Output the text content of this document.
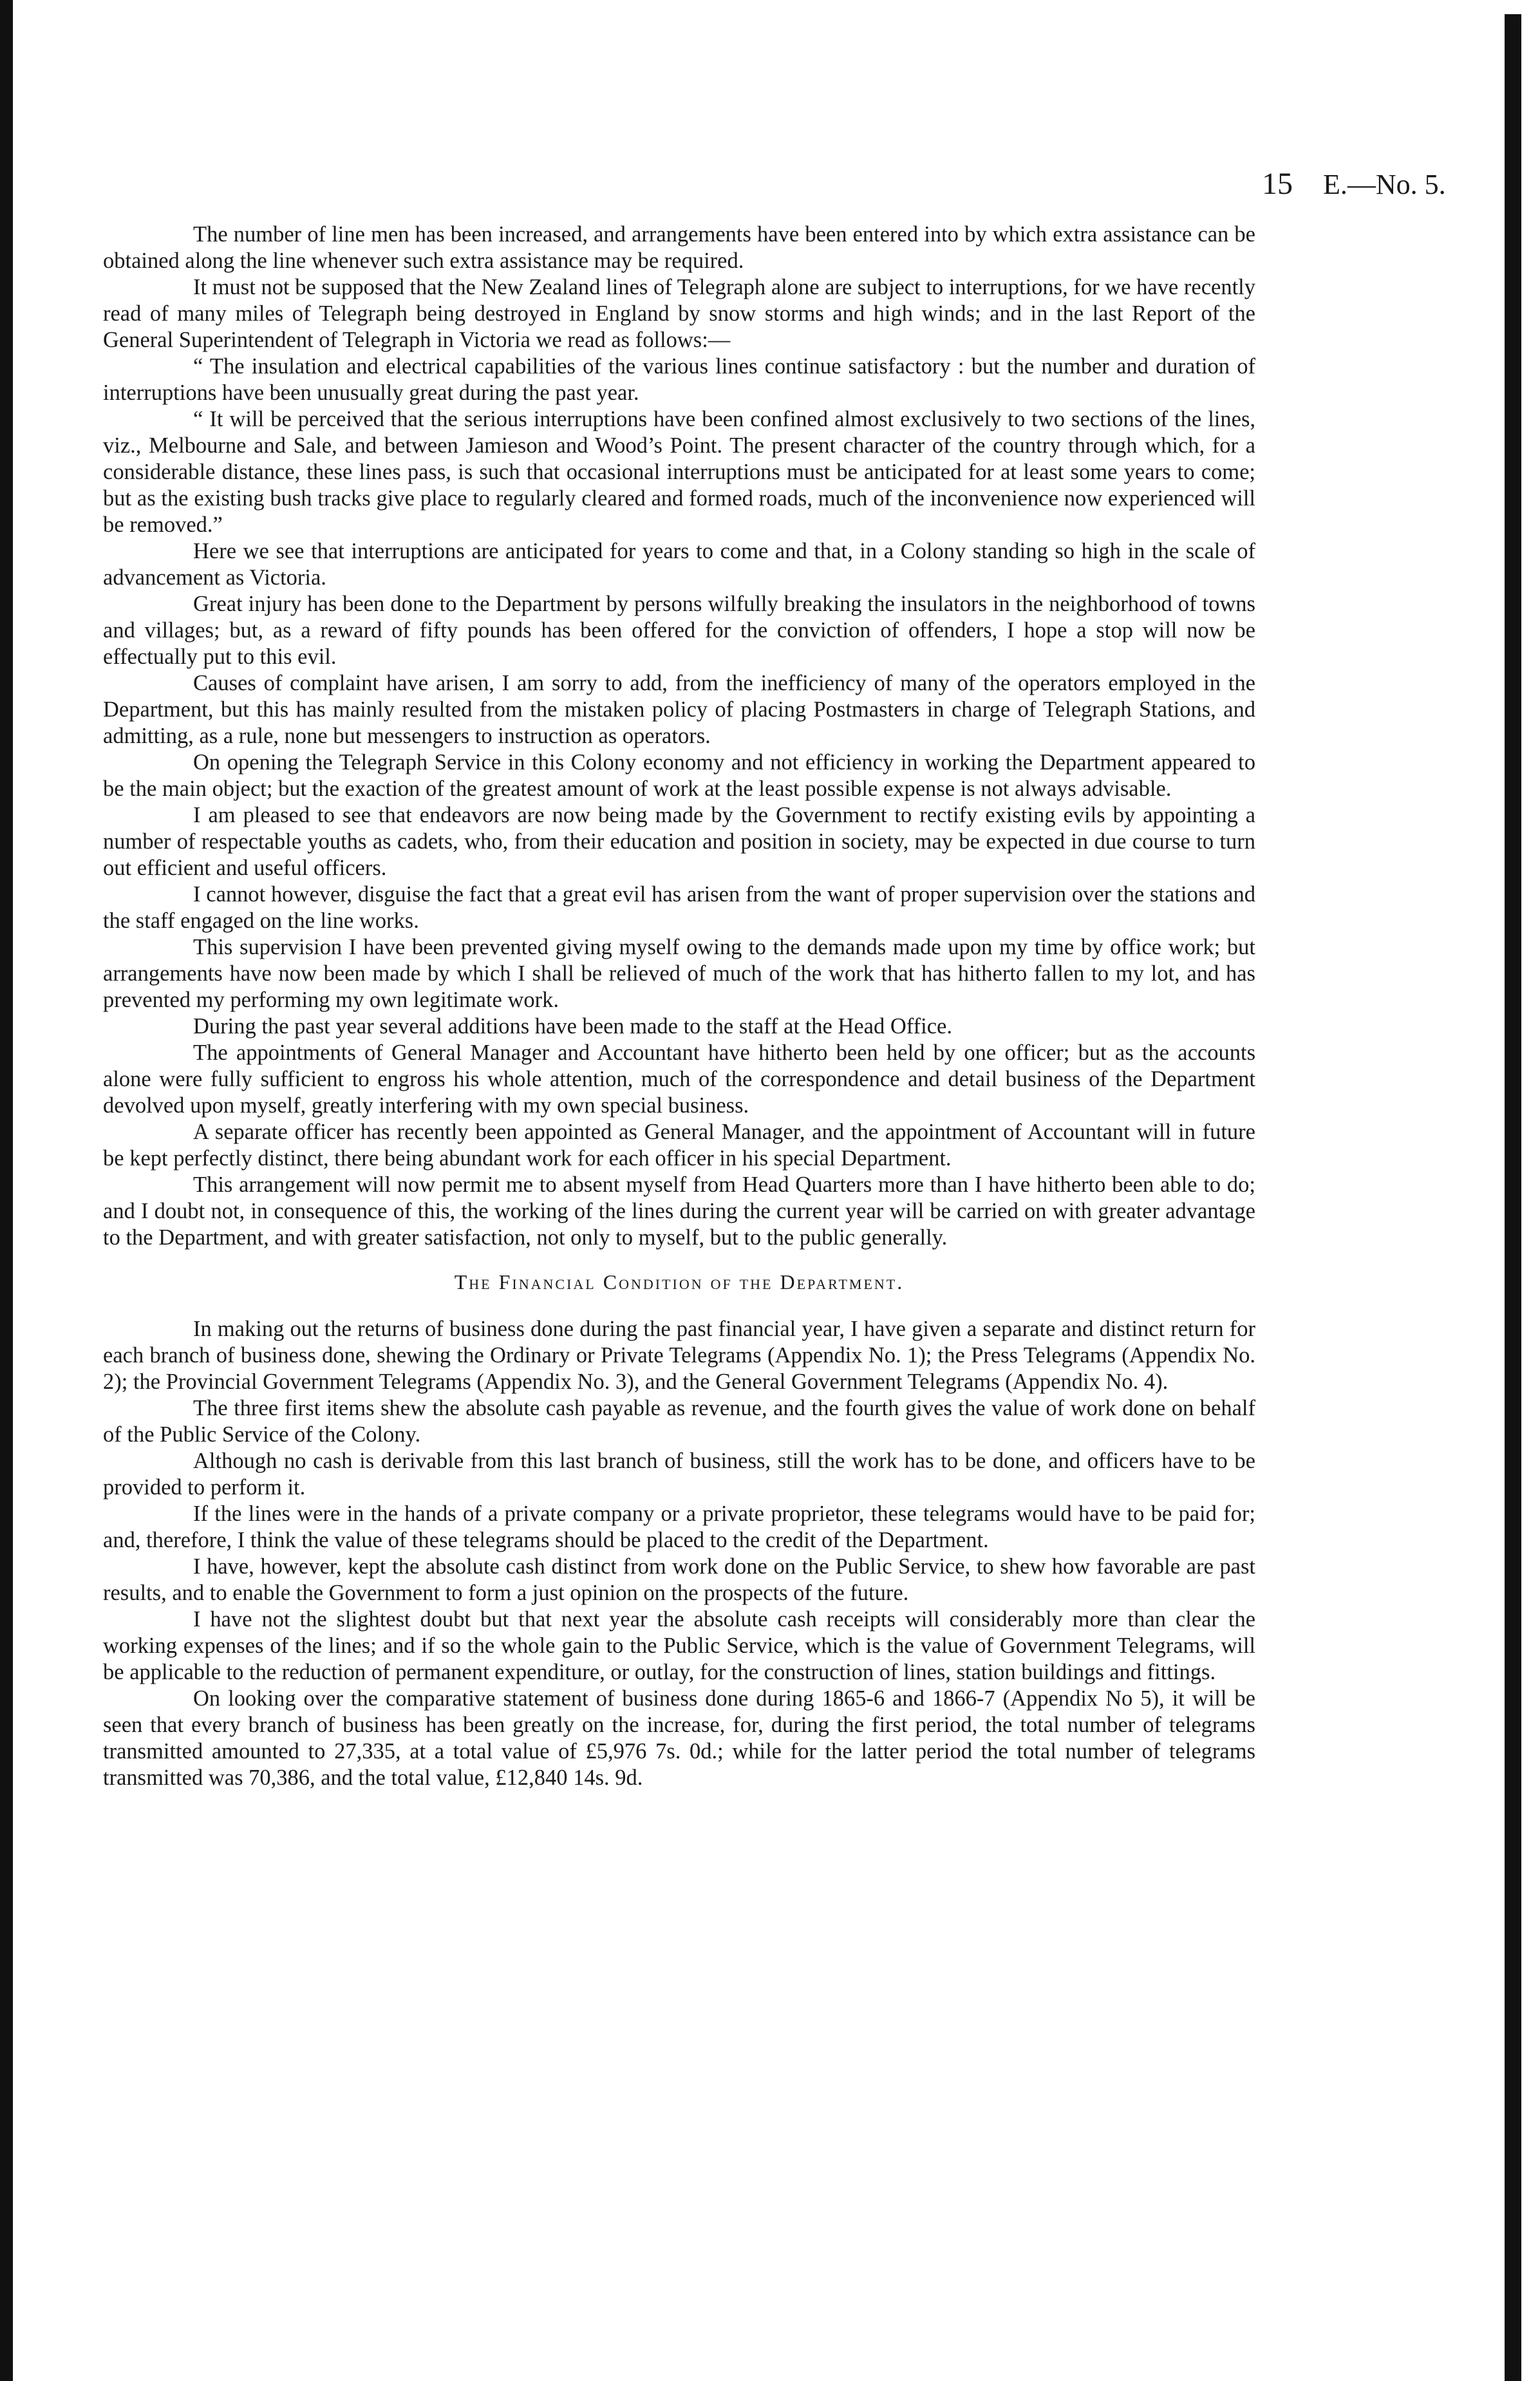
15 E.—No. 5.

The number of line men has been increased, and arrangements have been entered into by which extra assistance can be obtained along the line whenever such extra assistance may be required.

It must not be supposed that the New Zealand lines of Telegraph alone are subject to interruptions, for we have recently read of many miles of Telegraph being destroyed in England by snow storms and high winds; and in the last Report of the General Superintendent of Telegraph in Victoria we read as follows:—

“ The insulation and electrical capabilities of the various lines continue satisfactory : but the number and duration of interruptions have been unusually great during the past year.

“ It will be perceived that the serious interruptions have been confined almost exclusively to two sections of the lines, viz., Melbourne and Sale, and between Jamieson and Wood’s Point. The present character of the country through which, for a considerable distance, these lines pass, is such that occasional interruptions must be anticipated for at least some years to come; but as the existing bush tracks give place to regularly cleared and formed roads, much of the inconvenience now experienced will be removed.”

Here we see that interruptions are anticipated for years to come and that, in a Colony standing so high in the scale of advancement as Victoria.

Great injury has been done to the Department by persons wilfully breaking the insulators in the neighborhood of towns and villages; but, as a reward of fifty pounds has been offered for the conviction of offenders, I hope a stop will now be effectually put to this evil.

Causes of complaint have arisen, I am sorry to add, from the inefficiency of many of the operators employed in the Department, but this has mainly resulted from the mistaken policy of placing Postmasters in charge of Telegraph Stations, and admitting, as a rule, none but messengers to instruction as operators.

On opening the Telegraph Service in this Colony economy and not efficiency in working the Department appeared to be the main object; but the exaction of the greatest amount of work at the least possible expense is not always advisable.

I am pleased to see that endeavors are now being made by the Government to rectify existing evils by appointing a number of respectable youths as cadets, who, from their education and position in society, may be expected in due course to turn out efficient and useful officers.

I cannot however, disguise the fact that a great evil has arisen from the want of proper supervision over the stations and the staff engaged on the line works.

This supervision I have been prevented giving myself owing to the demands made upon my time by office work; but arrangements have now been made by which I shall be relieved of much of the work that has hitherto fallen to my lot, and has prevented my performing my own legitimate work.

During the past year several additions have been made to the staff at the Head Office.

The appointments of General Manager and Accountant have hitherto been held by one officer; but as the accounts alone were fully sufficient to engross his whole attention, much of the correspondence and detail business of the Department devolved upon myself, greatly interfering with my own special business.

A separate officer has recently been appointed as General Manager, and the appointment of Accountant will in future be kept perfectly distinct, there being abundant work for each officer in his special Department.

This arrangement will now permit me to absent myself from Head Quarters more than I have hitherto been able to do; and I doubt not, in consequence of this, the working of the lines during the current year will be carried on with greater advantage to the Department, and with greater satisfaction, not only to myself, but to the public generally.

The Financial Condition of the Department.

In making out the returns of business done during the past financial year, I have given a separate and distinct return for each branch of business done, shewing the Ordinary or Private Telegrams (Appendix No. 1); the Press Telegrams (Appendix No. 2); the Provincial Government Telegrams (Appendix No. 3), and the General Government Telegrams (Appendix No. 4).

The three first items shew the absolute cash payable as revenue, and the fourth gives the value of work done on behalf of the Public Service of the Colony.

Although no cash is derivable from this last branch of business, still the work has to be done, and officers have to be provided to perform it.

If the lines were in the hands of a private company or a private proprietor, these telegrams would have to be paid for; and, therefore, I think the value of these telegrams should be placed to the credit of the Department.

I have, however, kept the absolute cash distinct from work done on the Public Service, to shew how favorable are past results, and to enable the Government to form a just opinion on the prospects of the future.

I have not the slightest doubt but that next year the absolute cash receipts will considerably more than clear the working expenses of the lines; and if so the whole gain to the Public Service, which is the value of Government Telegrams, will be applicable to the reduction of permanent expenditure, or outlay, for the construction of lines, station buildings and fittings.

On looking over the comparative statement of business done during 1865-6 and 1866-7 (Appendix No 5), it will be seen that every branch of business has been greatly on the increase, for, during the first period, the total number of telegrams transmitted amounted to 27,335, at a total value of £5,976 7s. 0d.; while for the latter period the total number of telegrams transmitted was 70,386, and the total value, £12,840 14s. 9d.
